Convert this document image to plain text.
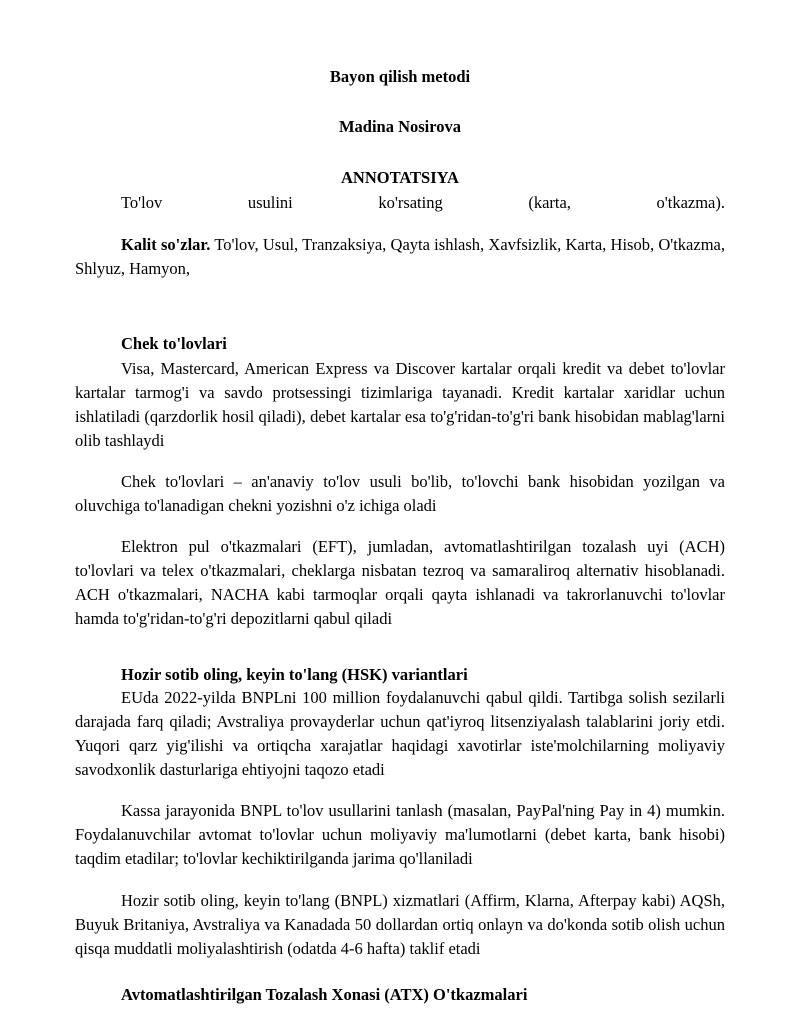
Bayon qilish metodi
Madina Nosirova
ANNOTATSIYA

To'lov usulini ko'rsating (karta, o'tkazma).

Kalit so'zlar. To'lov, Usul, Tranzaksiya, Qayta ishlash, Xavfsizlik, Karta, Hisob, O'tkazma, Shlyuz, Hamyon,

Chek to'lovlari

Visa, Mastercard, American Express va Discover kartalar orqali kredit va debet to'lovlar kartalar tarmog'i va savdo protsessingi tizimlariga tayanadi. Kredit kartalar xaridlar uchun ishlatiladi (qarzdorlik hosil qiladi), debet kartalar esa to'g'ridan-to'g'ri bank hisobidan mablag'larni olib tashlaydi

Chek to'lovlari – an'anaviy to'lov usuli bo'lib, to'lovchi bank hisobidan yozilgan va oluvchiga to'lanadigan chekni yozishni o'z ichiga oladi

Elektron pul o'tkazmalari (EFT), jumladan, avtomatlashtirilgan tozalash uyi (ACH) to'lovlari va telex o'tkazmalari, cheklarga nisbatan tezroq va samaraliroq alternativ hisoblanadi. ACH o'tkazmalari, NACHA kabi tarmoqlar orqali qayta ishlanadi va takrorlanuvchi to'lovlar hamda to'g'ridan-to'g'ri depozitlarni qabul qiladi

Hozir sotib oling, keyin to'lang (HSK) variantlari

EUda 2022-yilda BNPLni 100 million foydalanuvchi qabul qildi. Tartibga solish sezilarli darajada farq qiladi; Avstraliya provayderlar uchun qat'iyroq litsenziyalash talablarini joriy etdi. Yuqori qarz yig'ilishi va ortiqcha xarajatlar haqidagi xavotirlar iste'molchilarning moliyaviy savodxonlik dasturlariga ehtiyojni taqozo etadi

Kassa jarayonida BNPL to'lov usullarini tanlash (masalan, PayPal'ning Pay in 4) mumkin. Foydalanuvchilar avtomat to'lovlar uchun moliyaviy ma'lumotlarni (debet karta, bank hisobi) taqdim etadilar; to'lovlar kechiktirilganda jarima qo'llaniladi

Hozir sotib oling, keyin to'lang (BNPL) xizmatlari (Affirm, Klarna, Afterpay kabi) AQSh, Buyuk Britaniya, Avstraliya va Kanadada 50 dollardan ortiq onlayn va do'konda sotib olish uchun qisqa muddatli moliyalashtirish (odatda 4-6 hafta) taklif etadi

Avtomatlashtirilgan Tozalash Xonasi (ATX) O'tkazmalari
